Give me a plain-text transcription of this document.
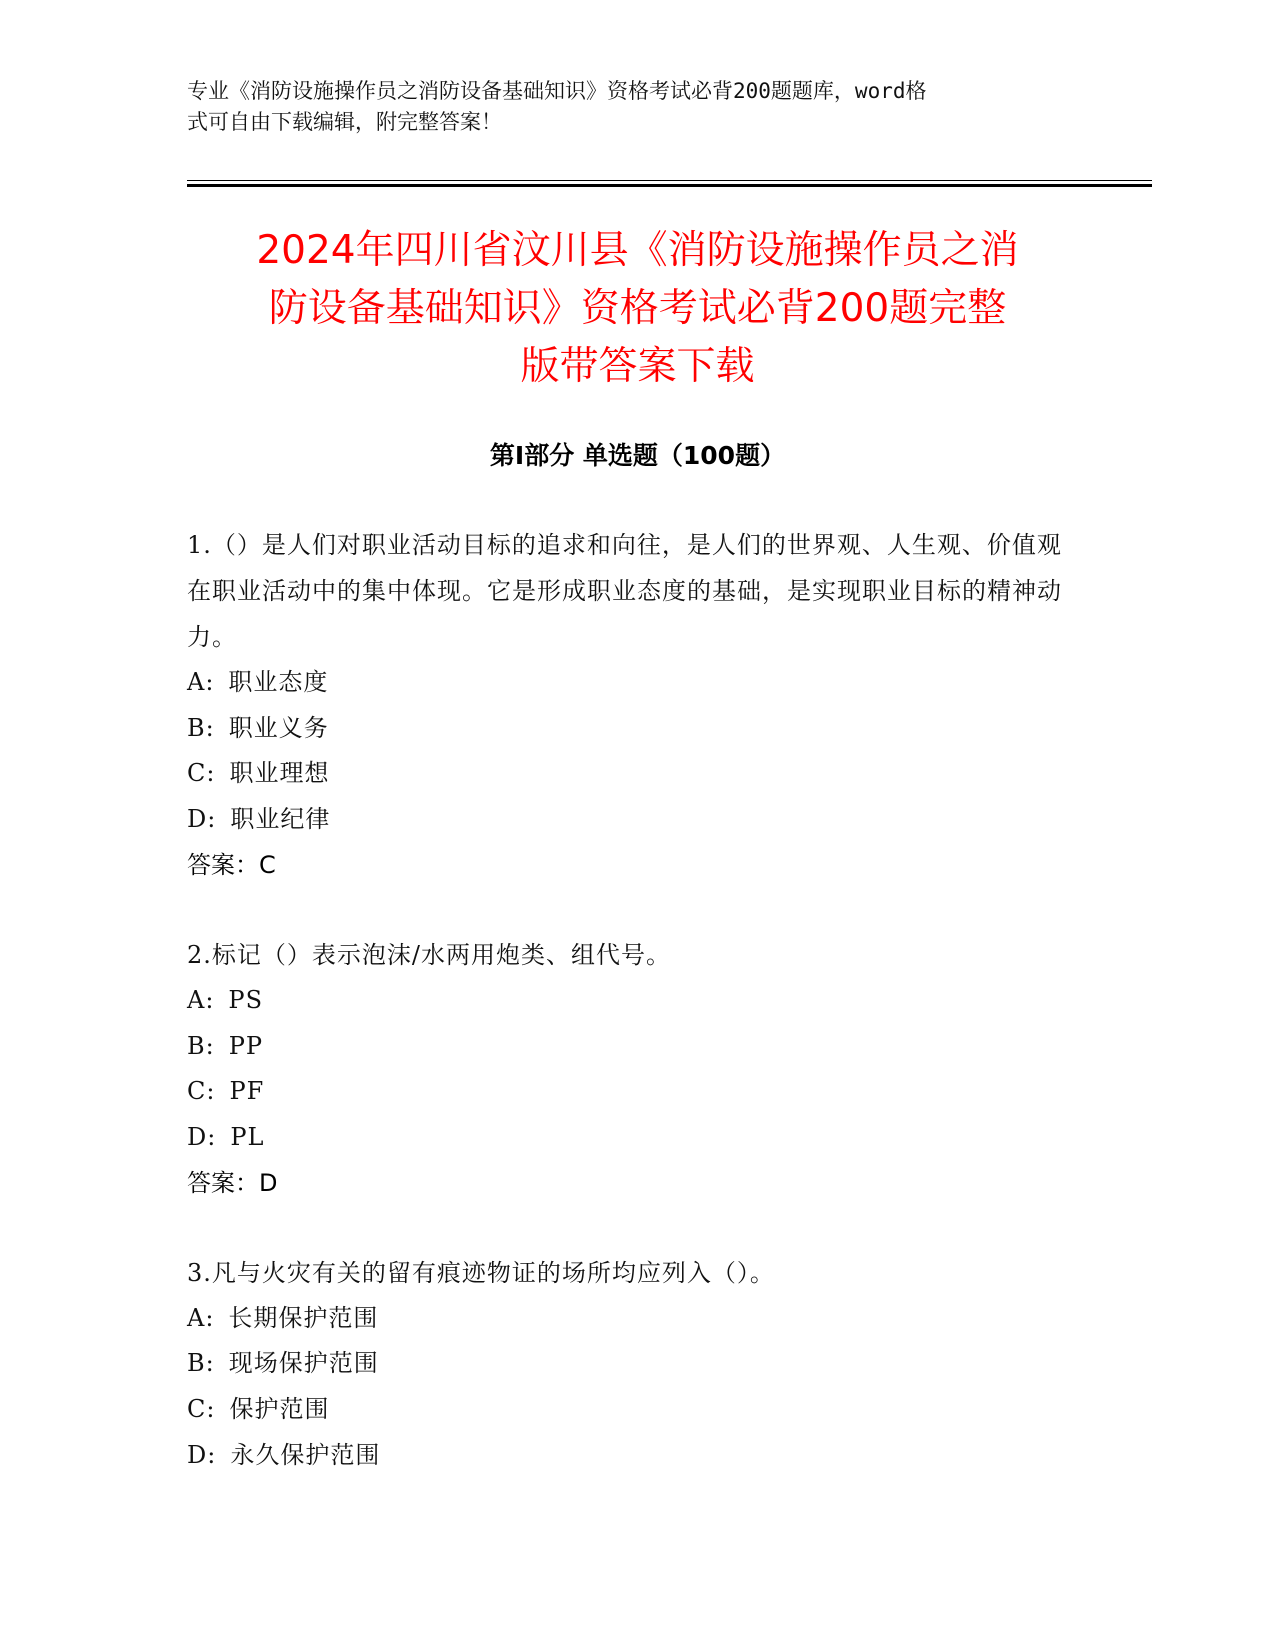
专业《消防设施操作员之消防设备基础知识》资格考试必背200题题库，word格
式可自由下载编辑，附完整答案！
2024年四川省汶川县《消防设施操作员之消
防设备基础知识》资格考试必背200题完整
版带答案下载
第Ⅰ部分 单选题（100题）
1.（）是人们对职业活动目标的追求和向往，是人们的世界观、人生观、价值观在职业活动中的集中体现。它是形成职业态度的基础，是实现职业目标的精神动力。
A: 职业态度
B: 职业义务
C: 职业理想
D: 职业纪律
答案：C
2.标记（）表示泡沫/水两用炮类、组代号。
A: PS
B: PP
C: PF
D: PL
答案：D
3.凡与火灾有关的留有痕迹物证的场所均应列入（）。
A: 长期保护范围
B: 现场保护范围
C: 保护范围
D: 永久保护范围
